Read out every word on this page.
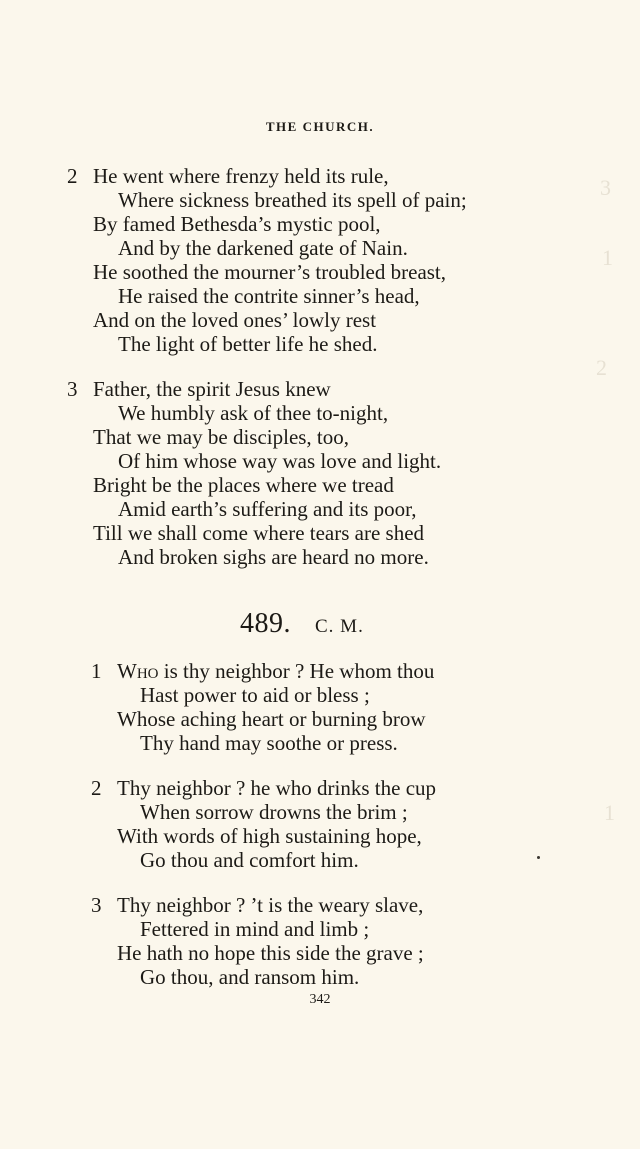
3
1
2
1
THE CHURCH.
2 He went where frenzy held its rule,
Where sickness breathed its spell of pain;
By famed Bethesda’s mystic pool,
And by the darkened gate of Nain.
He soothed the mourner’s troubled breast,
He raised the contrite sinner’s head,
And on the loved ones’ lowly rest
The light of better life he shed.
3 Father, the spirit Jesus knew
We humbly ask of thee to-night,
That we may be disciples, too,
Of him whose way was love and light.
Bright be the places where we tread
Amid earth’s suffering and its poor,
Till we shall come where tears are shed
And broken sighs are heard no more.
489. C. M.
1 Who is thy neighbor ? He whom thou
Hast power to aid or bless ;
Whose aching heart or burning brow
Thy hand may soothe or press.
2 Thy neighbor ? he who drinks the cup
When sorrow drowns the brim ;
With words of high sustaining hope,
Go thou and comfort him.
3 Thy neighbor ? ’t is the weary slave,
Fettered in mind and limb ;
He hath no hope this side the grave ;
Go thou, and ransom him.
342
